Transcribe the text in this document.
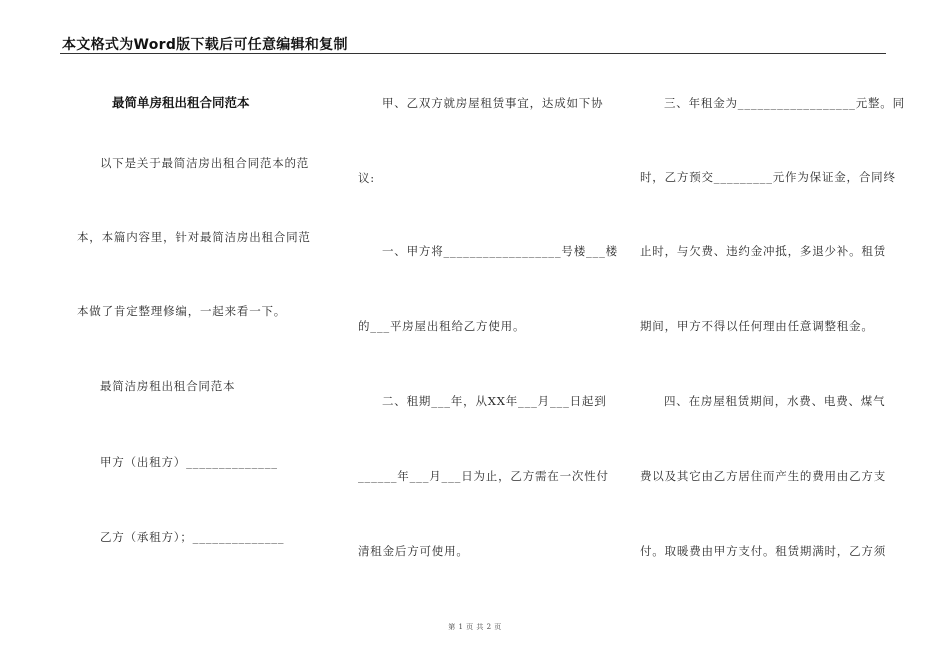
本文格式为Word版下载后可任意编辑和复制
最简单房租出租合同范本
以下是关于最简洁房出租合同范本的范
本，本篇内容里，针对最简洁房出租合同范
本做了肯定整理修编，一起来看一下。
最简洁房租出租合同范本
甲方（出租方）______________
乙方（承租方）；______________
甲、乙双方就房屋租赁事宜，达成如下协
议:
一、甲方将__________________号楼___楼
的___平房屋出租给乙方使用。
二、租期___年，从XX年___月___日起到
______年___月___日为止，乙方需在一次性付
清租金后方可使用。
三、年租金为__________________元整。同
时，乙方预交_________元作为保证金，合同终
止时，与欠费、违约金冲抵，多退少补。租赁
期间，甲方不得以任何理由任意调整租金。
四、在房屋租赁期间，水费、电费、煤气
费以及其它由乙方居住而产生的费用由乙方支
付。取暖费由甲方支付。租赁期满时，乙方须
第 1 页 共 2 页
